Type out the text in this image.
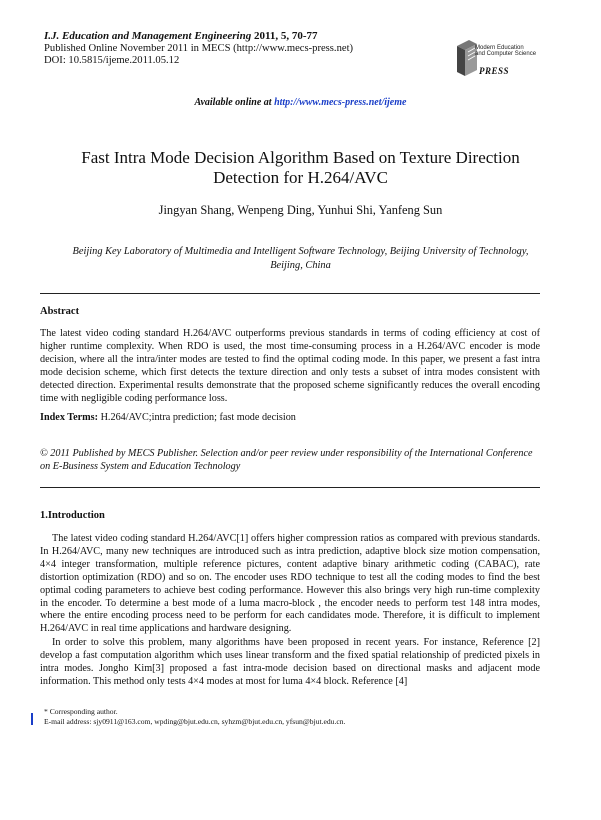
I.J. Education and Management Engineering 2011, 5, 70-77
Published Online November 2011 in MECS (http://www.mecs-press.net)
DOI: 10.5815/ijeme.2011.05.12
Modern Education
and Computer Science
PRESS
Available online at http://www.mecs-press.net/ijeme
Fast Intra Mode Decision Algorithm Based on Texture Direction
Detection for H.264/AVC
Jingyan Shang, Wenpeng Ding, Yunhui Shi, Yanfeng Sun
Beijing Key Laboratory of Multimedia and Intelligent Software Technology, Beijing University of Technology,
Beijing, China
Abstract
The latest video coding standard H.264/AVC outperforms previous standards in terms of coding efficiency at cost of higher runtime complexity. When RDO is used, the most time-consuming process in a H.264/AVC encoder is mode decision, where all the intra/inter modes are tested to find the optimal coding mode. In this paper, we present a fast intra mode decision scheme, which first detects the texture direction and only tests a subset of intra modes consistent with detected direction. Experimental results demonstrate that the proposed scheme significantly reduces the overall encoding time with negligible coding performance loss.
Index Terms: H.264/AVC;intra prediction; fast mode decision
© 2011 Published by MECS Publisher. Selection and/or peer review under responsibility of the International Conference on E-Business System and Education Technology
1.Introduction
The latest video coding standard H.264/AVC[1] offers higher compression ratios as compared with previous standards. In H.264/AVC, many new techniques are introduced such as intra prediction, adaptive block size motion compensation, 4×4 integer transformation, multiple reference pictures, content adaptive binary arithmetic coding (CABAC), rate distortion optimization (RDO) and so on. The encoder uses RDO technique to test all the coding modes to find the best optimal coding parameters to achieve best coding performance. However this also brings very high run-time complexity in the encoder. To determine a best mode of a luma macro-block , the encoder needs to perform test 148 intra modes, where the entire encoding process need to be perform for each candidates mode. Therefore, it is difficult to implement H.264/AVC in real time applications and hardware designing.
In order to solve this problem, many algorithms have been proposed in recent years. For instance, Reference [2] develop a fast computation algorithm which uses linear transform and the fixed spatial relationship of predicted pixels in intra modes. Jongho Kim[3] proposed a fast intra-mode decision based on directional masks and adjacent mode information. This method only tests 4×4 modes at most for luma 4×4 block. Reference [4]
* Corresponding author.
E-mail address: sjy0911@163.com, wpding@bjut.edu.cn, syhzm@bjut.edu.cn, yfsun@bjut.edu.cn.
